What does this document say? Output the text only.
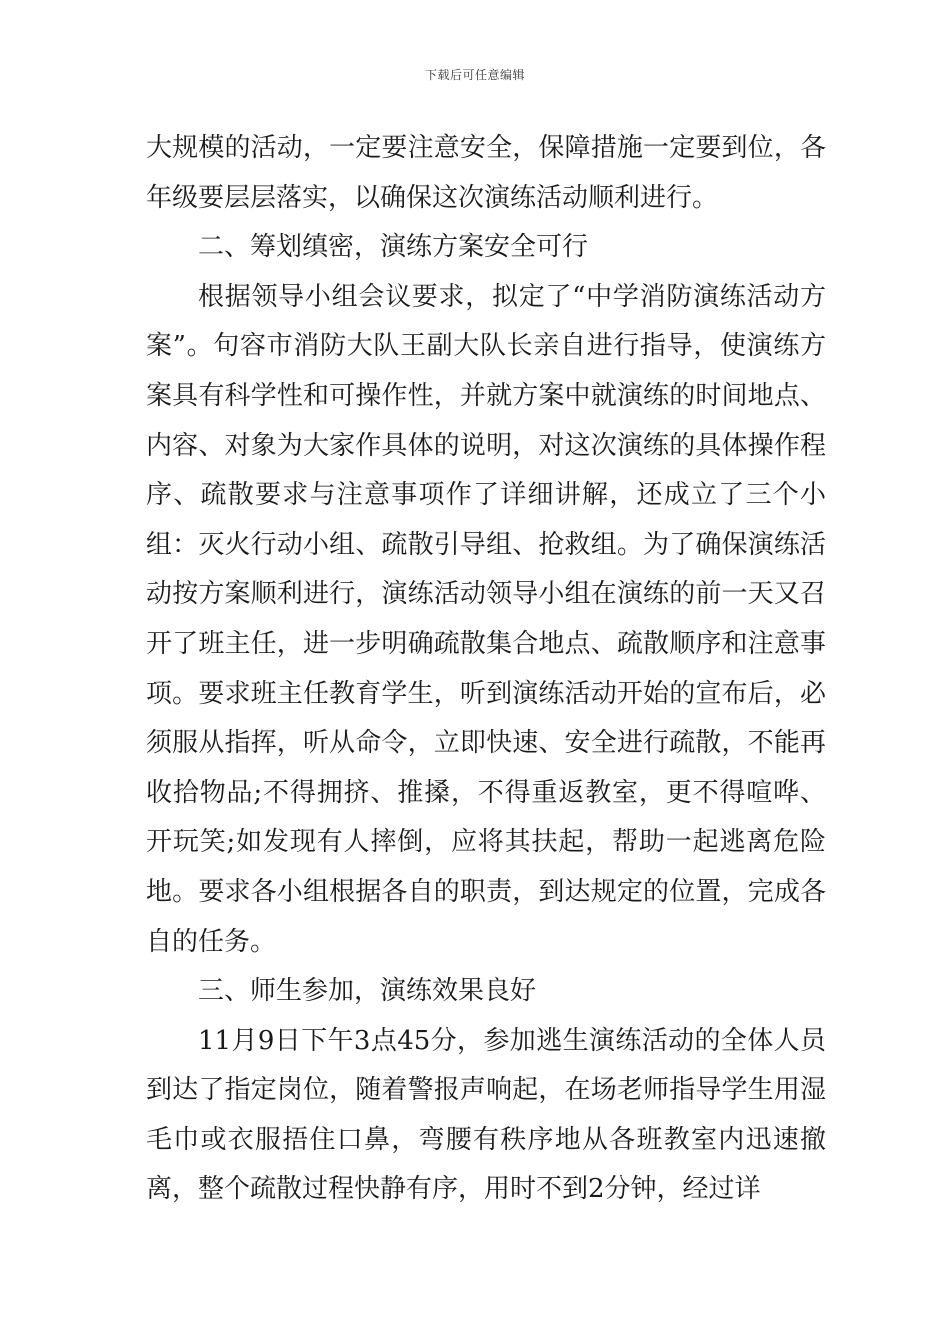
下载后可任意编辑

大规模的活动，一定要注意安全，保障措施一定要到位，各年级要层层落实，以确保这次演练活动顺利进行。

二、筹划缜密，演练方案安全可行

根据领导小组会议要求，拟定了“中学消防演练活动方案”。句容市消防大队王副大队长亲自进行指导，使演练方案具有科学性和可操作性，并就方案中就演练的时间地点、内容、对象为大家作具体的说明，对这次演练的具体操作程序、疏散要求与注意事项作了详细讲解，还成立了三个小组：灭火行动小组、疏散引导组、抢救组。为了确保演练活动按方案顺利进行，演练活动领导小组在演练的前一天又召开了班主任，进一步明确疏散集合地点、疏散顺序和注意事项。要求班主任教育学生，听到演练活动开始的宣布后，必须服从指挥，听从命令，立即快速、安全进行疏散，不能再收拾物品;不得拥挤、推搡，不得重返教室，更不得喧哗、开玩笑;如发现有人摔倒，应将其扶起，帮助一起逃离危险地。要求各小组根据各自的职责，到达规定的位置，完成各自的任务。

三、师生参加，演练效果良好

11月9日下午3点45分，参加逃生演练活动的全体人员到达了指定岗位，随着警报声响起，在场老师指导学生用湿毛巾或衣服捂住口鼻，弯腰有秩序地从各班教室内迅速撤离，整个疏散过程快静有序，用时不到2分钟，经过详
